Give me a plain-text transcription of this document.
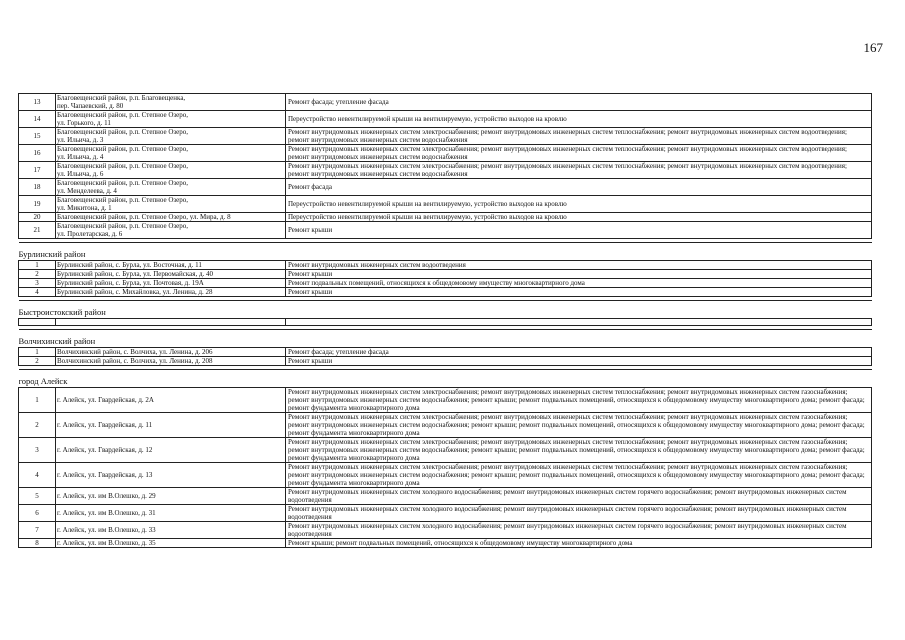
167
13	Благовещенский район, р.п. Благовещенка,
пер. Чапаевский, д. 80	Ремонт фасада; утепление фасада
14	Благовещенский район, р.п. Степное Озеро,
ул. Горького, д. 11	Переустройство невентилируемой крыши на вентилируемую, устройство выходов на кровлю
15	Благовещенский район, р.п. Степное Озеро,
ул. Ильича, д. 3	Ремонт внутридомовых инженерных систем электроснабжения; ремонт внутридомовых инженерных систем теплоснабжения; ремонт внутридомовых инженерных систем водоотведения; ремонт внутридомовых инженерных систем водоснабжения
16	Благовещенский район, р.п. Степное Озеро,
ул. Ильича, д. 4	Ремонт внутридомовых инженерных систем электроснабжения; ремонт внутридомовых инженерных систем теплоснабжения; ремонт внутридомовых инженерных систем водоотведения; ремонт внутридомовых инженерных систем водоснабжения
17	Благовещенский район, р.п. Степное Озеро,
ул. Ильича, д. 6	Ремонт внутридомовых инженерных систем электроснабжения; ремонт внутридомовых инженерных систем теплоснабжения; ремонт внутридомовых инженерных систем водоотведения; ремонт внутридомовых инженерных систем водоснабжения
18	Благовещенский район, р.п. Степное Озеро,
ул. Менделеева, д. 4	Ремонт фасада
19	Благовещенский район, р.п. Степное Озеро,
ул. Микитона, д. 1	Переустройство невентилируемой крыши на вентилируемую, устройство выходов на кровлю
20	Благовещенский район, р.п. Степное Озеро, ул. Мира, д. 8	Переустройство невентилируемой крыши на вентилируемую, устройство выходов на кровлю
21	Благовещенский район, р.п. Степное Озеро,
ул. Пролетарская, д. 6	Ремонт крыши

Бурлинский район		
1	Бурлинский район, с. Бурла, ул. Восточная, д. 11	Ремонт внутридомовых инженерных систем водоотведения
2	Бурлинский район, с. Бурла, ул. Первомайская, д. 40	Ремонт крыши
3	Бурлинский район, с. Бурла, ул. Почтовая, д. 19А	Ремонт подвальных помещений, относящихся к общедомовому имуществу многоквартирного дома
4	Бурлинский район, с. Михайловка, ул. Ленина, д. 28	Ремонт крыши

Быстроистокский район		

Волчихинский район		
1	Волчихинский район, с. Волчиха, ул. Ленина, д. 206	Ремонт фасада; утепление фасада
2	Волчихинский район, с. Волчиха, ул. Ленина, д. 208	Ремонт крыши

город Алейск		
1	г. Алейск, ул. Гвардейская, д. 2А	Ремонт внутридомовых инженерных систем электроснабжения; ремонт внутридомовых инженерных систем теплоснабжения; ремонт внутридомовых инженерных систем газоснабжения; ремонт внутридомовых инженерных систем водоснабжения; ремонт крыши; ремонт подвальных помещений, относящихся к общедомовому имуществу многоквартирного дома; ремонт фасада; ремонт фундамента многоквартирного дома
2	г. Алейск, ул. Гвардейская, д. 11	Ремонт внутридомовых инженерных систем электроснабжения; ремонт внутридомовых инженерных систем теплоснабжения; ремонт внутридомовых инженерных систем газоснабжения; ремонт внутридомовых инженерных систем водоснабжения; ремонт крыши; ремонт подвальных помещений, относящихся к общедомовому имуществу многоквартирного дома; ремонт фасада; ремонт фундамента многоквартирного дома
3	г. Алейск, ул. Гвардейская, д. 12	Ремонт внутридомовых инженерных систем электроснабжения; ремонт внутридомовых инженерных систем теплоснабжения; ремонт внутридомовых инженерных систем газоснабжения; ремонт внутридомовых инженерных систем водоснабжения; ремонт крыши; ремонт подвальных помещений, относящихся к общедомовому имуществу многоквартирного дома; ремонт фасада; ремонт фундамента многоквартирного дома
4	г. Алейск, ул. Гвардейская, д. 13	Ремонт внутридомовых инженерных систем электроснабжения; ремонт внутридомовых инженерных систем теплоснабжения; ремонт внутридомовых инженерных систем газоснабжения; ремонт внутридомовых инженерных систем водоснабжения; ремонт крыши; ремонт подвальных помещений, относящихся к общедомовому имуществу многоквартирного дома; ремонт фасада; ремонт фундамента многоквартирного дома
5	г. Алейск, ул. им В.Олешко, д. 29	Ремонт внутридомовых инженерных систем холодного водоснабжения; ремонт внутридомовых инженерных систем горячего водоснабжения; ремонт внутридомовых инженерных систем водоотведения
6	г. Алейск, ул. им В.Олешко, д. 31	Ремонт внутридомовых инженерных систем холодного водоснабжения; ремонт внутридомовых инженерных систем горячего водоснабжения; ремонт внутридомовых инженерных систем водоотведения
7	г. Алейск, ул. им В.Олешко, д. 33	Ремонт внутридомовых инженерных систем холодного водоснабжения; ремонт внутридомовых инженерных систем горячего водоснабжения; ремонт внутридомовых инженерных систем водоотведения
8	г. Алейск, ул. им В.Олешко, д. 35	Ремонт крыши; ремонт подвальных помещений, относящихся к общедомовому имуществу многоквартирного дома
